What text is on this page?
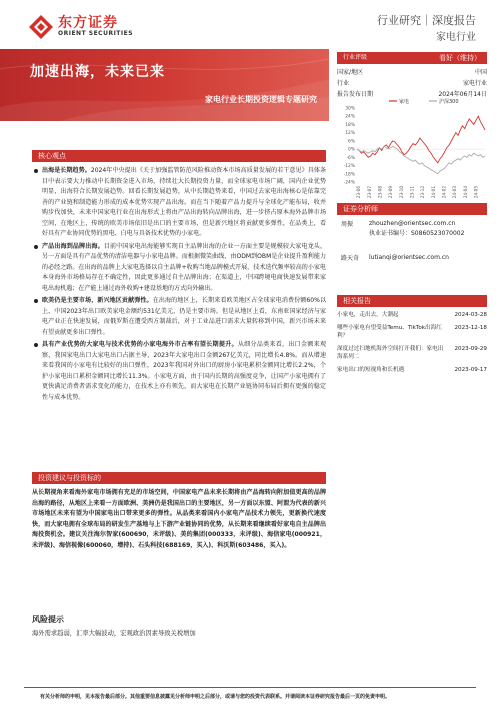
东方证券
ORIENT SECURITIES
行业研究｜深度报告
家电行业
加速出海，未来已来
家电行业长期投资逻辑专题研究
核心观点
出海是长期趋势。2024年中央提出《关于加强监管防范风险推动资本市场高质量发展的若干意见》具体条目中表示要大力推动中长期资金进入市场，持续壮大长期投资力量，而全球家电市场广阔，国内企业优势明显，出海符合长期发展趋势。回看长期发展趋势，从中长期趋势来看，中国过去家电出海核心是依靠完善的产业链和制造能力形成的成本优势实现产品出海。而在当下随着产品力提升与全球化产能布局，收并购步伐加快，未来中国家电行业在出海形式上将由产品出海转向品牌出海，进一步挤占原本海外品牌市场空间，在地区上，传统的欧美市场依旧是出口的主要市场，但是新兴地区将贡献更多弹性，在品类上，看好具有产业协同优势的黑电、白电与具备技术优势的小家电。
产品出海到品牌出海。目前中国家电出海能够实现自主品牌出海的企业一方面主要是规模较大家电龙头，另一方面是具有产品优势的清洁电器与小家电品牌。而根据微笑曲线，由ODM到OBM是企业提升盈利能力的必经之路。在出海的品牌上大家电选择以自主品牌+收购当地品牌模式开展，技术迭代频率较高的小家电本身海外市场格局存在不确定性，因此更多通过自主品牌出海；在渠道上，中国跨境电商快速发展带来家电出海机遇；在产能上通过海外收购+建设基地的方式向外输出。
欧美仍是主要市场，新兴地区贡献弹性。在出海的地区上，长期来看欧美地区占全球家电消费份额60%以上，中国2023年出口欧美家电金额约531亿美元，仍是主要市场。但是从地区上看，东南亚国家经济与家电产业正在快速发展，而俄罗斯在遭受西方制裁后，对于工业品进口需求大量转移到中国，新兴市场未来有望贡献更多出口弹性。
具有产业优势的大家电与技术优势的小家电海外市占率有望长期提升。从细分品类来看，出口金额来观察，我国家电出口大家电出口占据主导，2023年大家电出口金额267亿美元，同比增长4.8%。而从增速来看我国的小家电有比较好的出口弹性，2023年我国对外出口的厨房小家电累积金额同比增长2.2%，个护小家电出口累积金额同比增长11.3%。小家电方面，由于国内长期的高强度竞争，让国产小家电拥有了更快满足消费者需求变化的能力，在技术上亦有领先，而大家电在长期产业链协同布局后拥有更强的稳定性与成本优势。
投资建议与投资标的
从长期视角来看海外家电市场拥有充足的市场空间，中国家电产品未来长期将由产品海转向附加值更高的品牌出海的路径，从地区上来看一方面欧洲、美洲仍是我国出口的主要地区，另一方面以东盟、阿盟为代表的新兴市场地区未来有望为中国家电出口带来更多的弹性。从品类来看国内小家电产品技术力领先，更新换代速度快，而大家电拥有全球布局的研发生产基地与上下游产业链协同的优势，从长期来看继续看好家电自主品牌出海投资机会。建议关注海尔智家(600690，未评级)、美的集团(000333，未评级)、海信家电(000921，未评级)、海信视像(600060，增持)、石头科技(688169，买入)、科沃斯(603486，买入)。
风险提示
海外需求趋弱，汇率大幅波动，宏观政治因素导致关税增加
行业评级	看好（维持）
国家/地区	中国
行业	家电行业
报告发布日期	2024年06月14日
家电	沪深300
30%
24%
18%
12%
6%
0%
-6%
-12%
-18%
-24%
23-06 23-07 23-08 23-09 23-10 23-11 23-12 24-01 24-02 24-03 24-04 24-05
证券分析师
周振	zhouzhen@orientsec.com.cn
执业证书编号：S0860523070002
路天奇 lutianqi@orientsec.com.cn
相关报告
小家电，走出去，大潮起	2024-03-28
哪些小家电有望受益Temu、TikTok出海红利？
2023-12-18
深度过过扫地机海外空间打开我们：家电出海系列二
2023-09-29
家电出口的短视角和长机遇	2023-09-17
有关分析师的申明，见本报告最后部分。其他重要信息披露见分析师申明之后部分，或请与您的投资代表联系。并请阅读本证券研究报告最后一页的免责申明。
